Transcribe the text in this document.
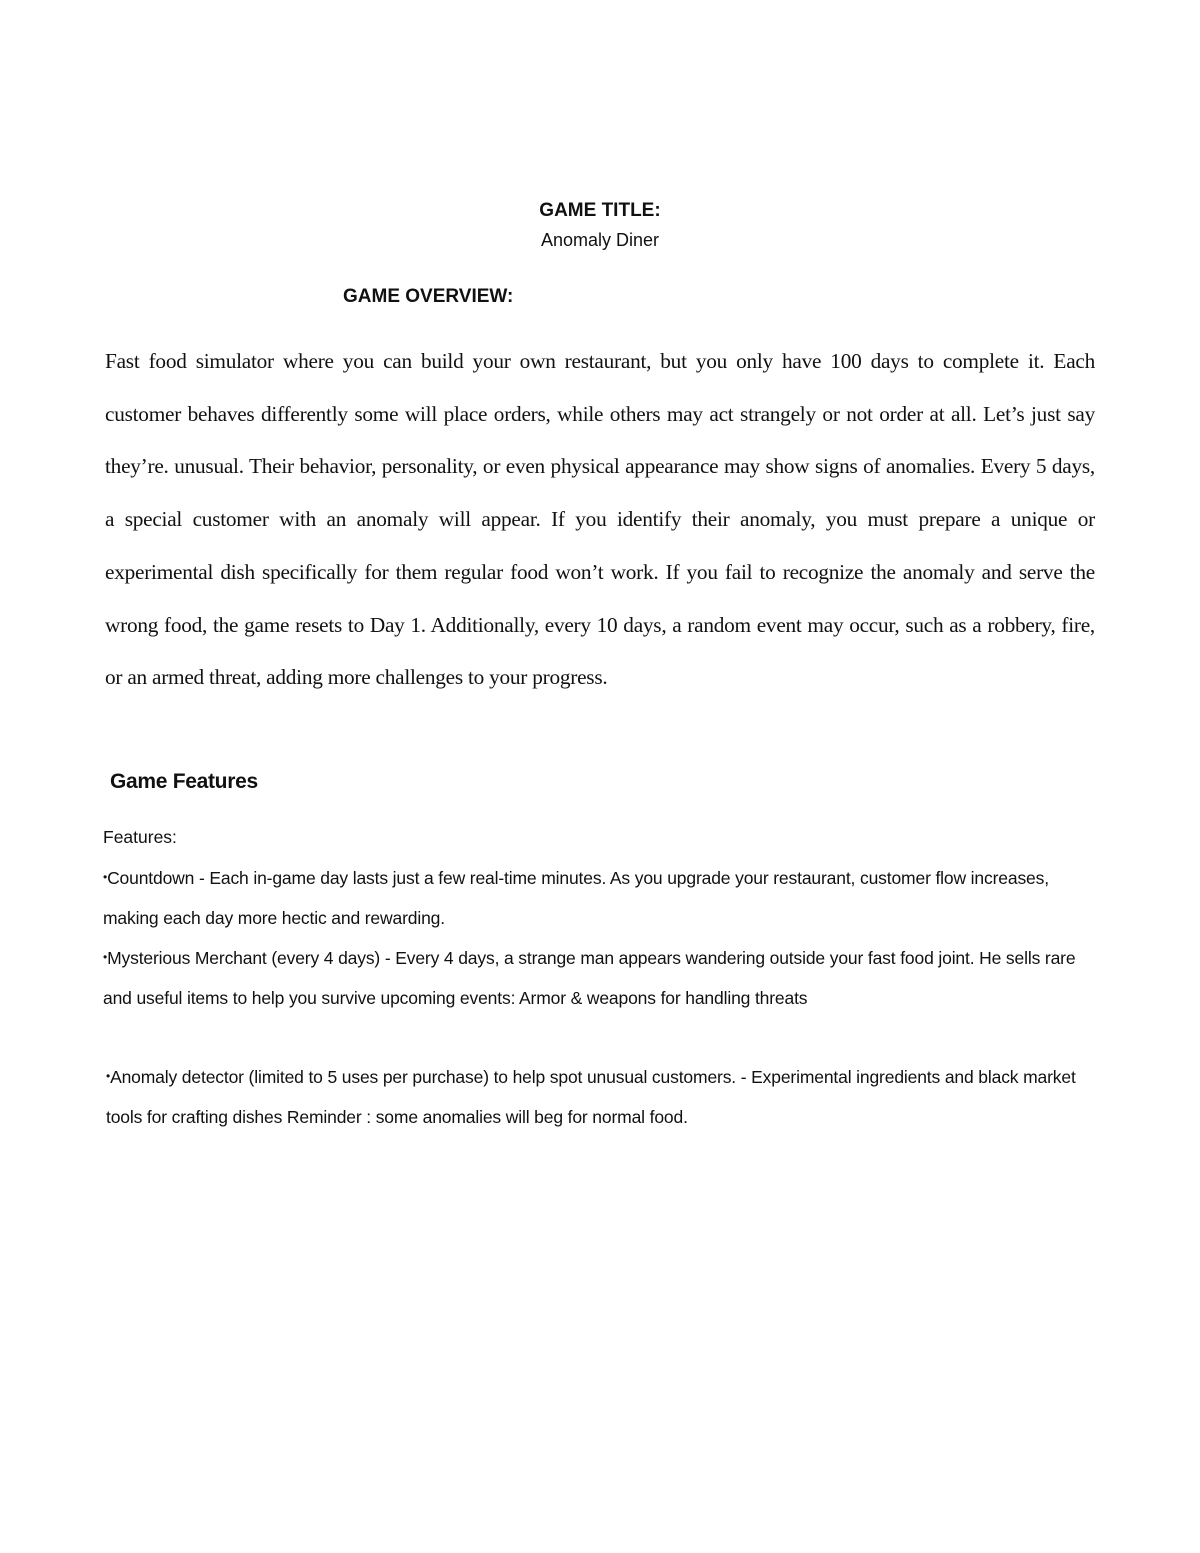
GAME TITLE:
Anomaly Diner
GAME OVERVIEW:
Fast food simulator where you can build your own restaurant, but you only have 100 days to complete it. Each customer behaves differently some will place orders, while others may act strangely or not order at all. Let’s just say they’re. unusual. Their behavior, personality, or even physical appearance may show signs of anomalies. Every 5 days, a special customer with an anomaly will appear. If you identify their anomaly, you must prepare a unique or experimental dish specifically for them regular food won’t work. If you fail to recognize the anomaly and serve the wrong food, the game resets to Day 1. Additionally, every 10 days, a random event may occur, such as a robbery, fire, or an armed threat, adding more challenges to your progress.
Game Features
Features:
•Countdown - Each in-game day lasts just a few real-time minutes. As you upgrade your restaurant, customer flow increases, making each day more hectic and rewarding.
•Mysterious Merchant (every 4 days) - Every 4 days, a strange man appears wandering outside your fast food joint. He sells rare and useful items to help you survive upcoming events: Armor & weapons for handling threats
•Anomaly detector (limited to 5 uses per purchase) to help spot unusual customers. - Experimental ingredients and black market tools for crafting dishes Reminder : some anomalies will beg for normal food.
